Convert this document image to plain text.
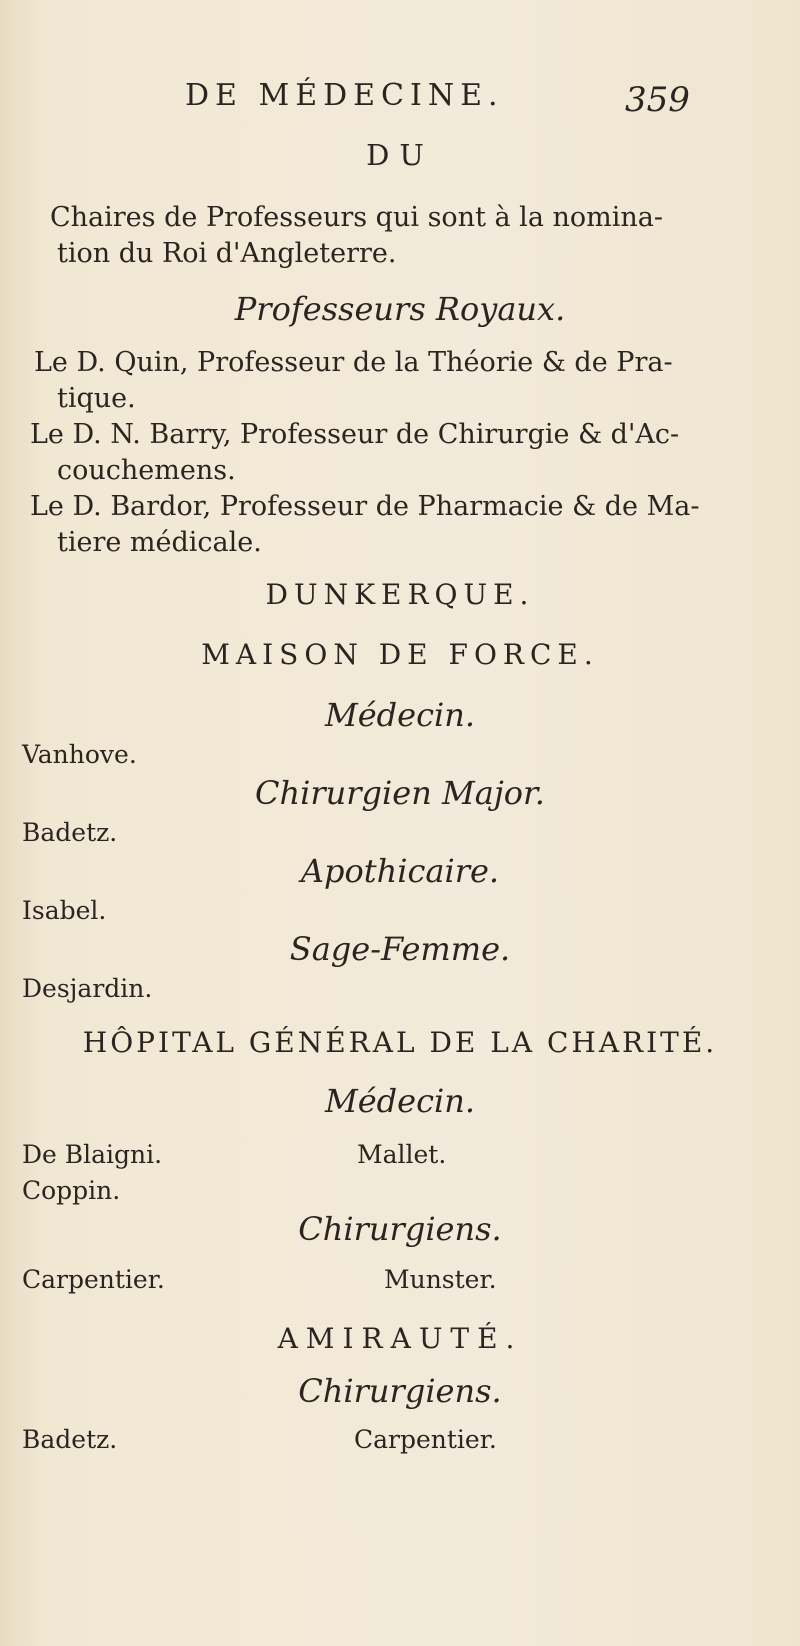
DE MÉDECINE.	359
DU
Chaires de Professeurs qui sont à la nomina-
tion du Roi d'Angleterre.
Professeurs Royaux.
Le D. Quin, Professeur de la Théorie & de Pra-
tique.
Le D. N. Barry, Professeur de Chirurgie & d'Ac-
couchemens.
Le D. Bardor, Professeur de Pharmacie & de Ma-
tiere médicale.
DUNKERQUE.
MAISON DE FORCE.
Médecin.
Vanhove.
Chirurgien Major.
Badetz.
Apothicaire.
Isabel.
Sage-Femme.
Desjardin.
HÔPITAL GÉNÉRAL DE LA CHARITÉ.
Médecin.
De Blaigni.	Mallet.
Coppin.
Chirurgiens.
Carpentier.	Munster.
AMIRAUTÉ.
Chirurgiens.
Badetz.	Carpentier.
